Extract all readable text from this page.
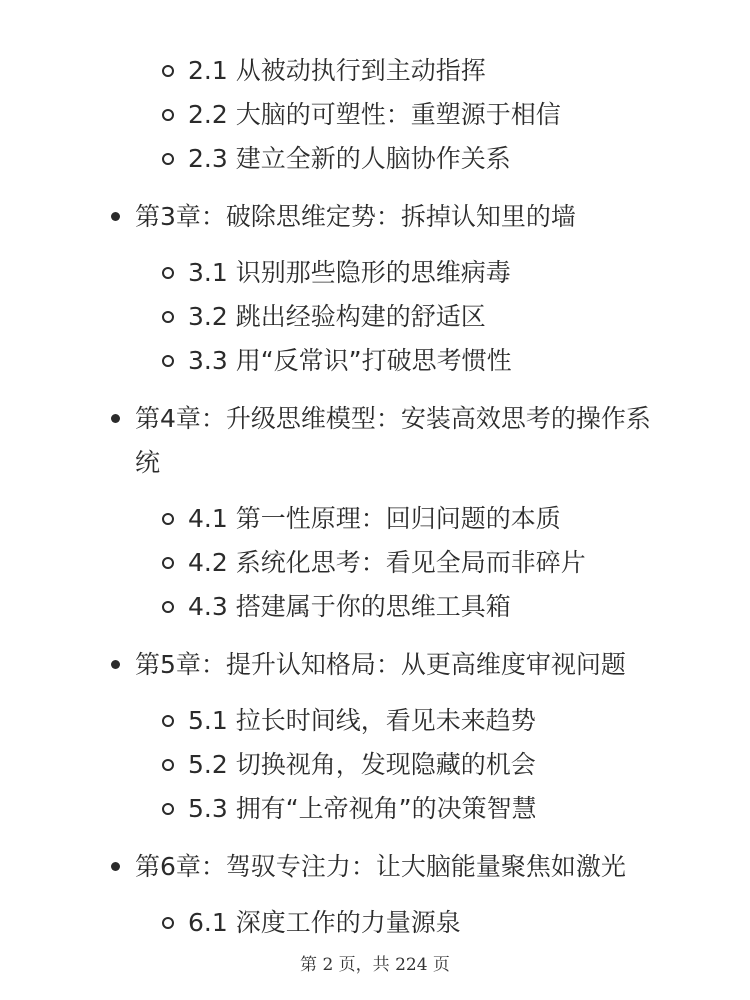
2.1 从被动执行到主动指挥
2.2 大脑的可塑性：重塑源于相信
2.3 建立全新的人脑协作关系
第3章：破除思维定势：拆掉认知里的墙
3.1 识别那些隐形的思维病毒
3.2 跳出经验构建的舒适区
3.3 用“反常识”打破思考惯性
第4章：升级思维模型：安装高效思考的操作系统
4.1 第一性原理：回归问题的本质
4.2 系统化思考：看见全局而非碎片
4.3 搭建属于你的思维工具箱
第5章：提升认知格局：从更高维度审视问题
5.1 拉长时间线，看见未来趋势
5.2 切换视角，发现隐藏的机会
5.3 拥有“上帝视角”的决策智慧
第6章：驾驭专注力：让大脑能量聚焦如激光
6.1 深度工作的力量源泉
第 2 页，共 224 页
